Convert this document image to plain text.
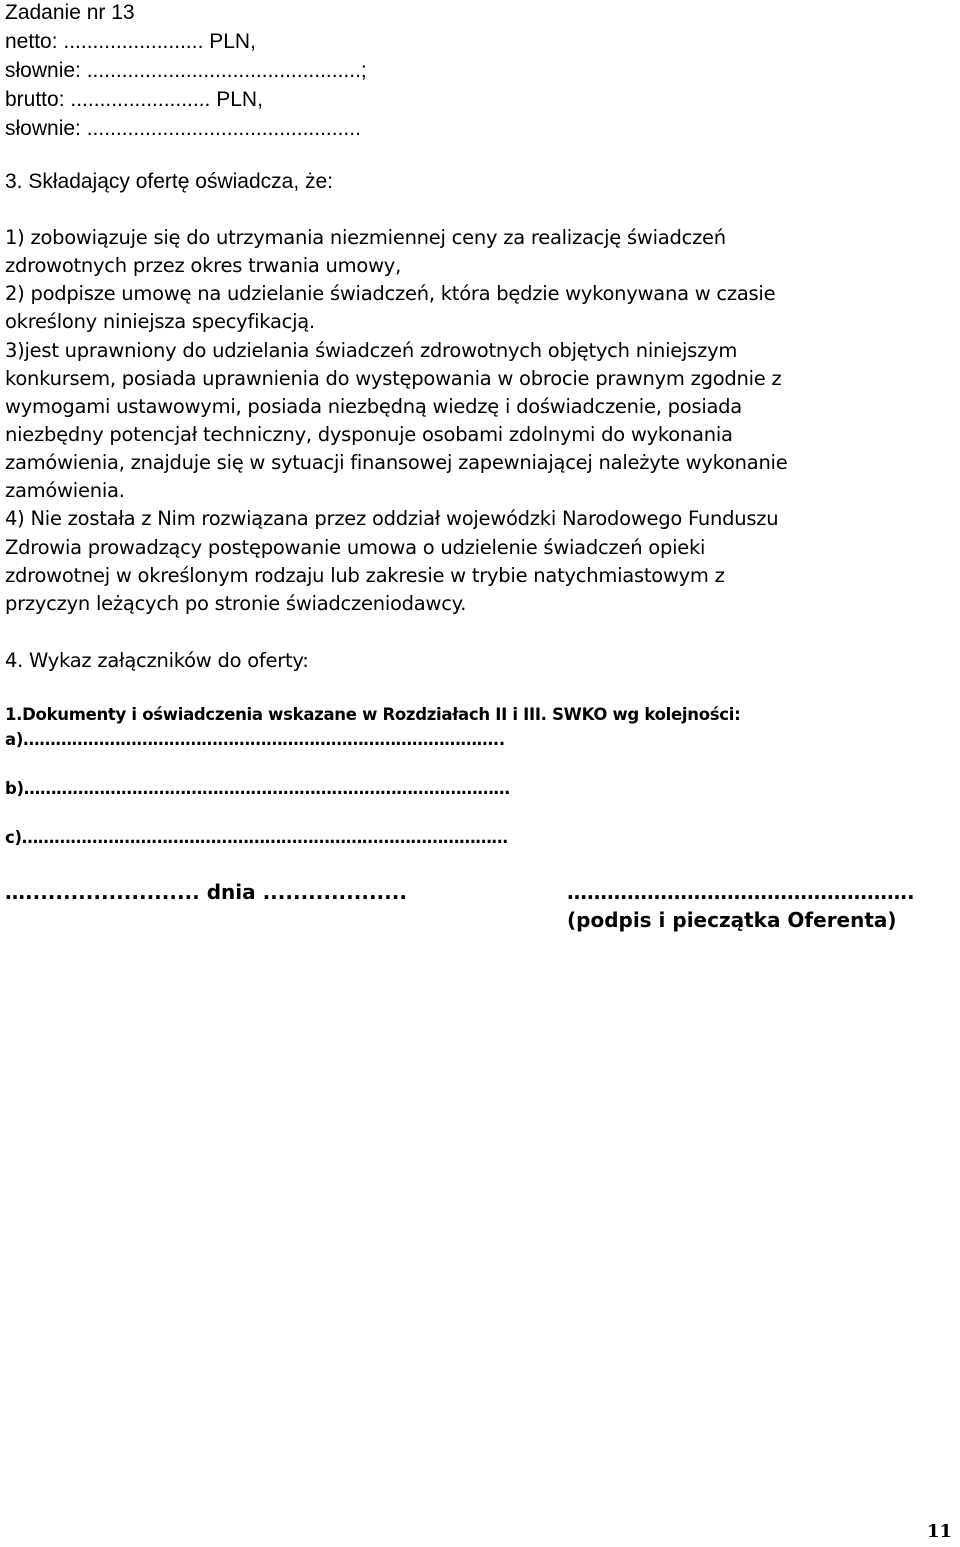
Zadanie nr 13
netto: ........................ PLN,
słownie: ...............................................;
brutto: ........................ PLN,
słownie: ...............................................
3. Składający ofertę oświadcza, że:
1) zobowiązuje się do utrzymania niezmiennej ceny za realizację świadczeń
zdrowotnych przez okres trwania umowy,
2) podpisze umowę na udzielanie świadczeń, która będzie wykonywana w czasie
określony niniejsza specyfikacją.
3)jest uprawniony do udzielania świadczeń zdrowotnych objętych niniejszym
konkursem, posiada uprawnienia do występowania w obrocie prawnym zgodnie z
wymogami ustawowymi, posiada niezbędną wiedzę i doświadczenie, posiada
niezbędny potencjał techniczny, dysponuje osobami zdolnymi do wykonania
zamówienia, znajduje się w sytuacji finansowej zapewniającej należyte wykonanie
zamówienia.
4) Nie została z Nim rozwiązana przez oddział wojewódzki Narodowego Funduszu
Zdrowia prowadzący postępowanie umowa o udzielenie świadczeń opieki
zdrowotnej w określonym rodzaju lub zakresie w trybie natychmiastowym z
przyczyn leżących po stronie świadczeniodawcy.
4. Wykaz załączników do oferty:
1.Dokumenty i oświadczenia wskazane w Rozdziałach II i III. SWKO wg kolejności:
a)……………………………………………………………………………..
b)………………………………………………………………………………
c)………………………………………………………………………………
…....................... dnia ...................	…………………………………………….
(podpis i pieczątka Oferenta)
11
